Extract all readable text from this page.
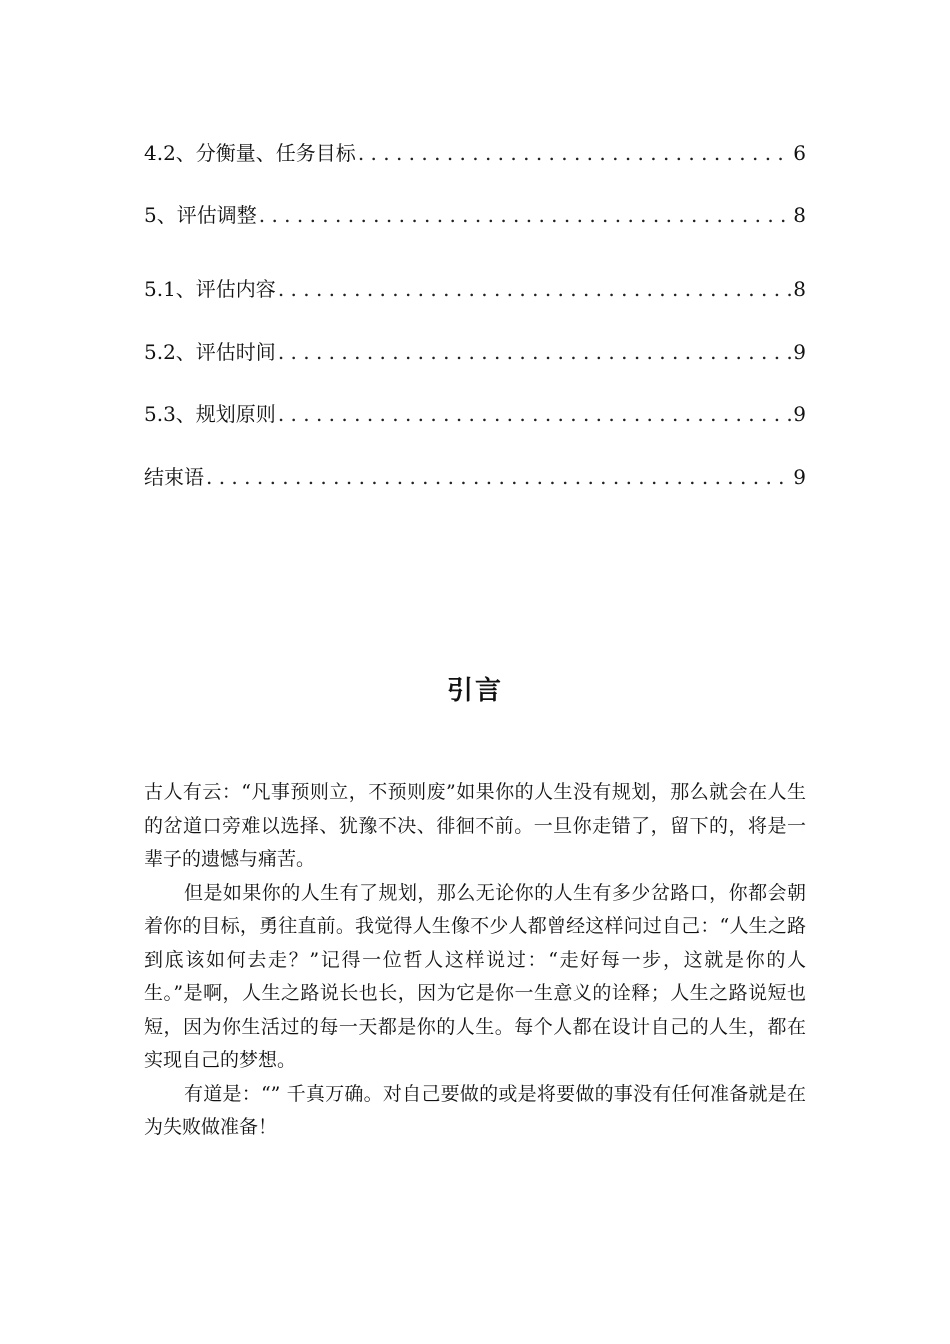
4.2、分衡量、任务目标 . . .	6
5、评估调整 . . .	8
5.1、评估内容 . . .	8
5.2、评估时间 . . .	9
5.3、规划原则 . . .	9
结束语 . . .	9
引言

古人有云：“凡事预则立，不预则废”如果你的人生没有规划，那么就会在人生的岔道口旁难以选择、犹豫不决、徘徊不前。一旦你走错了，留下的，将是一辈子的遗憾与痛苦。

但是如果你的人生有了规划，那么无论你的人生有多少岔路口，你都会朝着你的目标，勇往直前。我觉得人生像不少人都曾经这样问过自己：“人生之路到底该如何去走？”记得一位哲人这样说过：“走好每一步，这就是你的人生。”是啊，人生之路说长也长，因为它是你一生意义的诠释；人生之路说短也短，因为你生活过的每一天都是你的人生。每个人都在设计自己的人生，都在实现自己的梦想。

有道是：“” 千真万确。对自己要做的或是将要做的事没有任何准备就是在为失败做准备！
